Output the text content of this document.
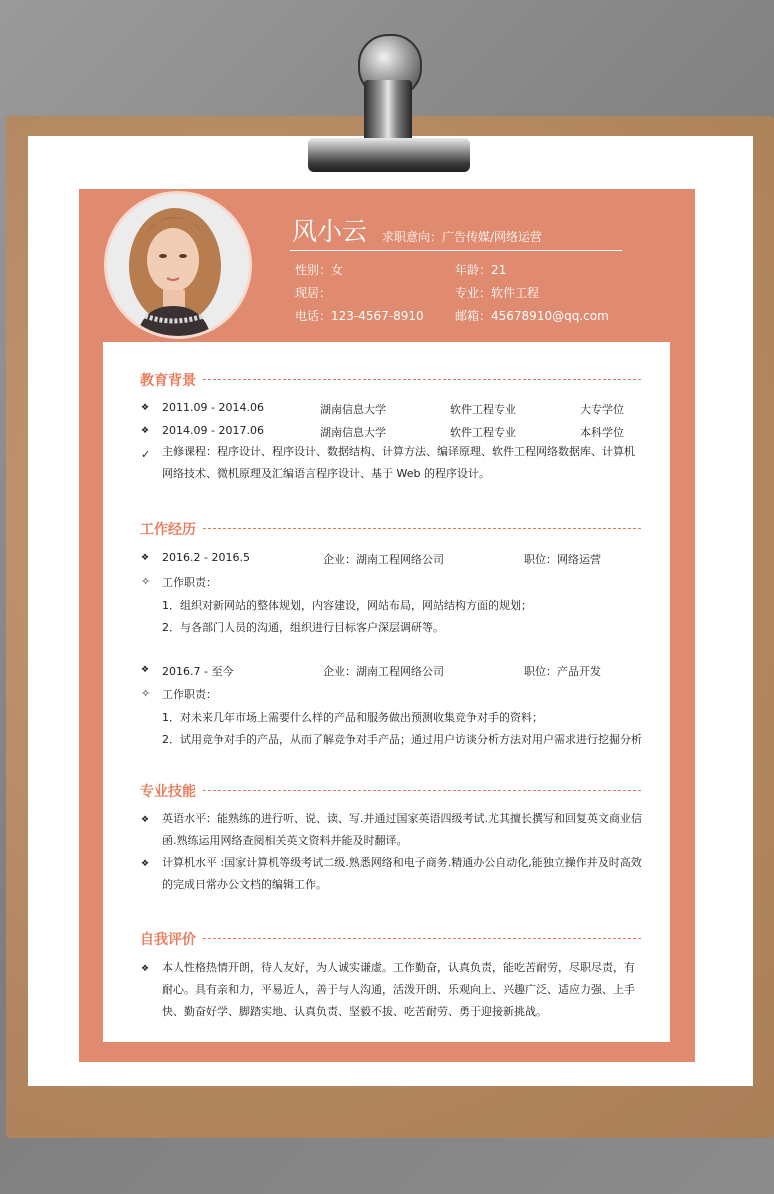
风小云 求职意向：广告传媒/网络运营
性别：女	年龄：21
现居：	专业：软件工程
电话：123-4567-8910	邮箱：45678910@qq.com
教育背景
❖ 2011.09 - 2014.06	湖南信息大学	软件工程专业	大专学位
❖ 2014.09 - 2017.06	湖南信息大学	软件工程专业	本科学位
✓ 主修课程：程序设计、程序设计、数据结构、计算方法、编译原理、软件工程网络数据库、计算机
网络技术、微机原理及汇编语言程序设计、基于 Web 的程序设计。
工作经历
❖ 2016.2 - 2016.5	企业：湖南工程网络公司	职位：网络运营
✧ 工作职责：
1．组织对新网站的整体规划，内容建设，网站布局，网站结构方面的规划；
2．与各部门人员的沟通，组织进行目标客户深层调研等。
❖ 2016.7 - 至今	企业：湖南工程网络公司	职位：产品开发
✧ 工作职责：
1．对未来几年市场上需要什么样的产品和服务做出预测收集竞争对手的资料；
2．试用竞争对手的产品，从而了解竞争对手产品；通过用户访谈分析方法对用户需求进行挖掘分析
专业技能
❖ 英语水平：能熟练的进行听、说、读、写.并通过国家英语四级考试.尤其擅长撰写和回复英文商业信
函.熟练运用网络查阅相关英文资料并能及时翻译。
❖ 计算机水平 :国家计算机等级考试二级.熟悉网络和电子商务.精通办公自动化,能独立操作并及时高效
的完成日常办公文档的编辑工作。
自我评价
❖ 本人性格热情开朗，待人友好，为人诚实谦虚。工作勤奋，认真负责，能吃苦耐劳，尽职尽责，有
耐心。具有亲和力，平易近人，善于与人沟通，活泼开朗、乐观向上、兴趣广泛、适应力强、上手
快、勤奋好学、脚踏实地、认真负责、坚毅不拔、吃苦耐劳、勇于迎接新挑战。
